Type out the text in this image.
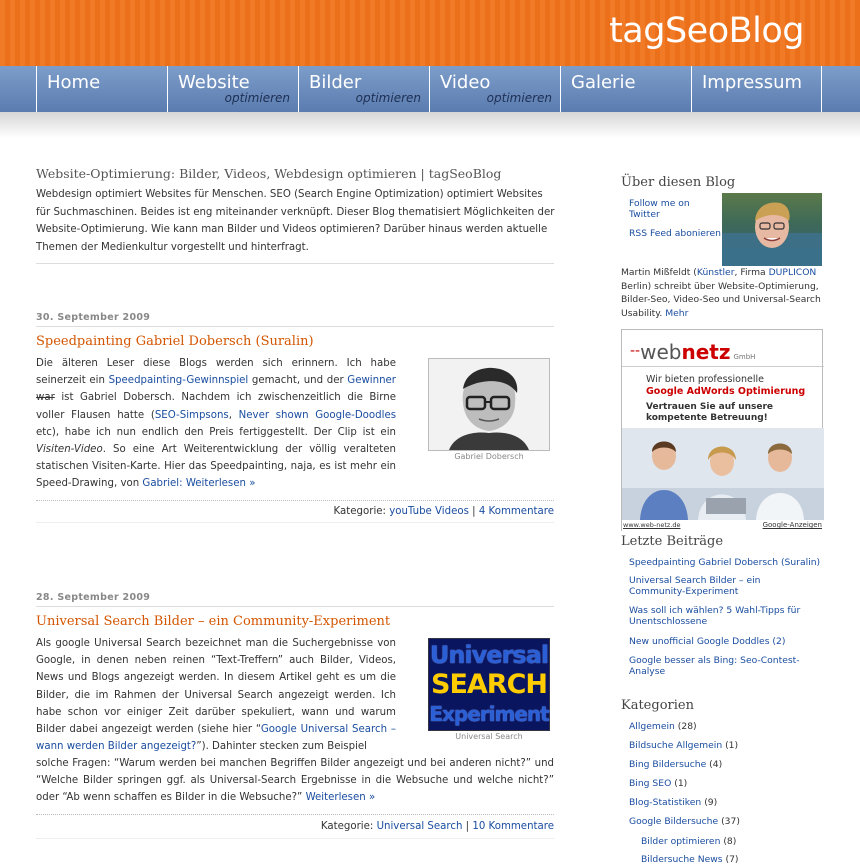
tagSeoBlog
Home	Website
optimieren
Bilder
optimieren
Video
optimieren
Galerie	Impressum
Website-Optimierung: Bilder, Videos, Webdesign optimieren | tagSeoBlog
Webdesign optimiert Websites für Menschen. SEO (Search Engine Optimization) optimiert Websites für Suchmaschinen. Beides ist eng miteinander verknüpft. Dieser Blog thematisiert Möglichkeiten der Website-Optimierung. Wie kann man Bilder und Videos optimieren? Darüber hinaus werden aktuelle Themen der Medienkultur vorgestellt und hinterfragt.
30. September 2009
Speedpainting Gabriel Dobersch (Suralin)
Die älteren Leser diese Blogs werden sich erinnern. Ich habe seinerzeit ein Speedpainting-Gewinnspiel gemacht, und der Gewinner war ist Gabriel Dobersch. Nachdem ich zwischenzeitlich die Birne voller Flausen hatte (SEO-Simpsons, Never shown Google-Doodles etc), habe ich nun endlich den Preis fertiggestellt. Der Clip ist ein Visiten-Video. So eine Art Weiterentwicklung der völlig veralteten statischen Visiten-Karte. Hier das Speedpainting, naja, es ist mehr ein Speed-Drawing, von Gabriel: Weiterlesen »
Gabriel Dobersch
Kategorie: youTube Videos | 4 Kommentare
28. September 2009
Universal Search Bilder – ein Community-Experiment
Als google Universal Search bezeichnet man die Suchergebnisse von Google, in denen neben reinen “Text-Treffern” auch Bilder, Videos, News und Blogs angezeigt werden. In diesem Artikel geht es um die Bilder, die im Rahmen der Universal Search angezeigt werden. Ich habe schon vor einiger Zeit darüber spekuliert, wann und warum Bilder dabei angezeigt werden (siehe hier “Google Universal Search – wann werden Bilder angezeigt?”). Dahinter stecken zum Beispiel
solche Fragen: “Warum werden bei manchen Begriffen Bilder angezeigt und bei anderen nicht?” und “Welche Bilder springen ggf. als Universal-Search Ergebnisse in die Websuche und welche nicht?” oder “Ab wenn schaffen es Bilder in die Websuche?” Weiterlesen »
Universal
SEARCH
Experiment
Universal Search
Kategorie: Universal Search | 10 Kommentare
Über diesen Blog
Follow me on Twitter
RSS Feed abonieren
Martin Mißfeldt (Künstler, Firma DUPLICON Berlin) schreibt über Website-Optimierung, Bilder-Seo, Video-Seo und Universal-Search Usability. Mehr
--webnetz GmbH
Wir bieten professionelle
Google AdWords Optimierung
Vertrauen Sie auf unsere
kompetente Betreuung!
www.web-netz.de	Google-Anzeigen
Letzte Beiträge
Speedpainting Gabriel Dobersch (Suralin)
Universal Search Bilder – ein Community-Experiment
Was soll ich wählen? 5 Wahl-Tipps für Unentschlossene
New unofficial Google Doddles (2)
Google besser als Bing: Seo-Contest-Analyse
Kategorien
Allgemein (28)
Bildsuche Allgemein (1)
Bing Bildersuche (4)
Bing SEO (1)
Blog-Statistiken (9)
Google Bildersuche (37)
Bilder optimieren (8)
Bildersuche News (7)
